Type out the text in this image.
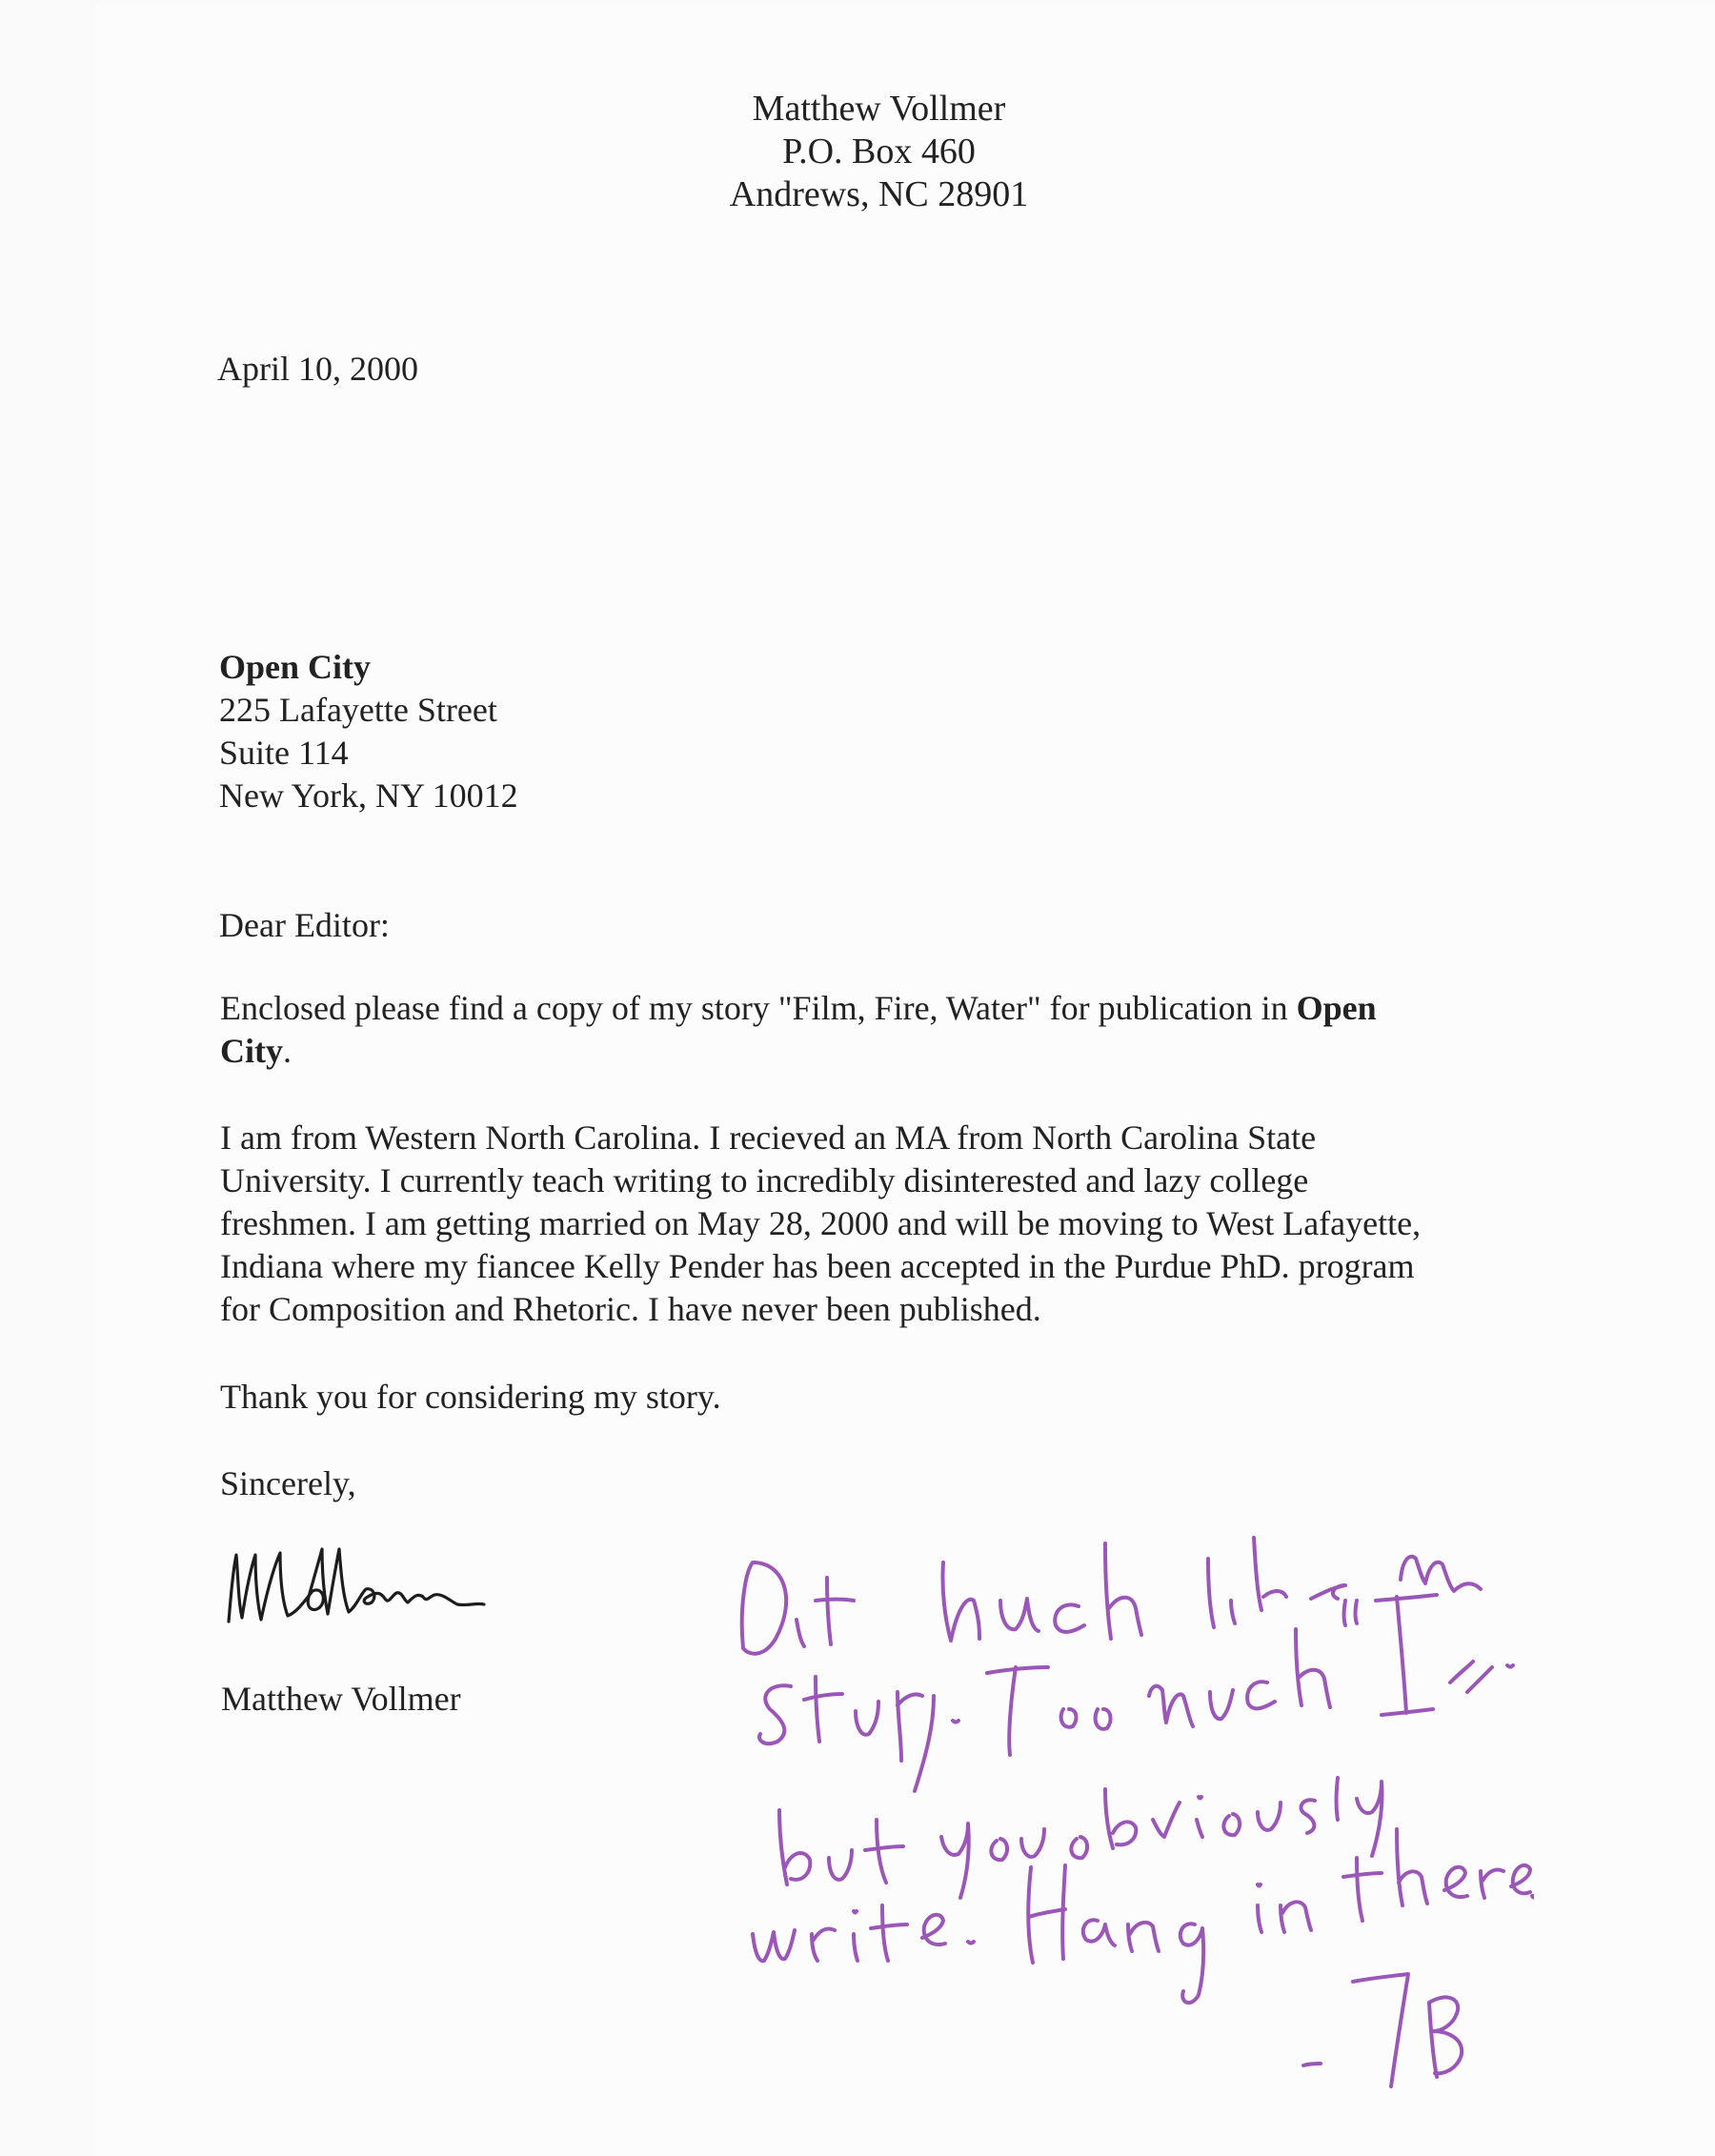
Matthew Vollmer
P.O. Box 460
Andrews, NC 28901
April 10, 2000
Open City
225 Lafayette Street
Suite 114
New York, NY 10012
Dear Editor:
Enclosed please find a copy of my story "Film, Fire, Water" for publication in Open
City.
I am from Western North Carolina. I recieved an MA from North Carolina State
University. I currently teach writing to incredibly disinterested and lazy college
freshmen. I am getting married on May 28, 2000 and will be moving to West Lafayette,
Indiana where my fiancee Kelly Pender has been accepted in the Purdue PhD. program
for Composition and Rhetoric. I have never been published.
Thank you for considering my story.
Sincerely,
Matthew Vollmer
